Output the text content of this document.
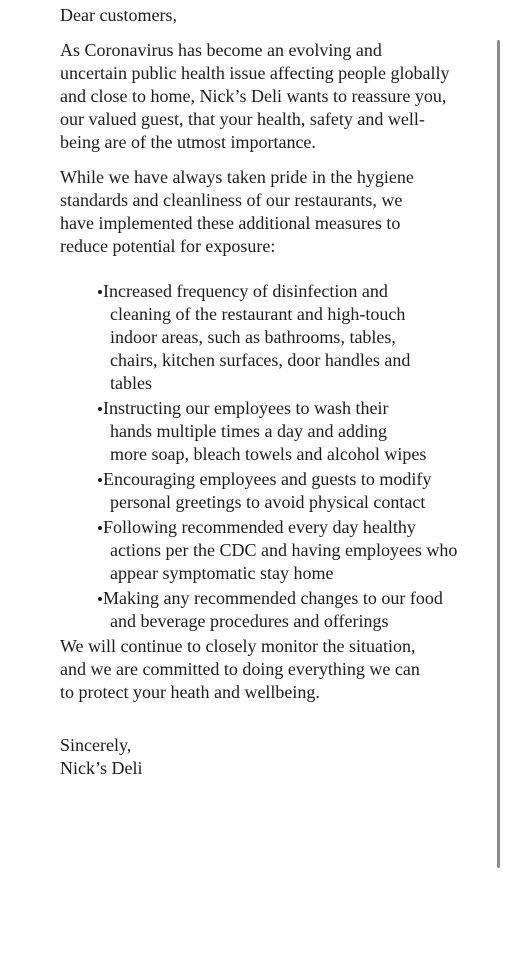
Dear customers,

As Coronavirus has become an evolving and uncertain public health issue affecting people globally and close to home, Nick’s Deli wants to reassure you, our valued guest, that your health, safety and well-being are of the utmost importance.

While we have always taken pride in the hygiene standards and cleanliness of our restaurants, we have implemented these additional measures to reduce potential for exposure:

Increased frequency of disinfection and cleaning of the restaurant and high-touch indoor areas, such as bathrooms, tables, chairs, kitchen surfaces, door handles and tables
Instructing our employees to wash their hands multiple times a day and adding more soap, bleach towels and alcohol wipes
Encouraging employees and guests to modify personal greetings to avoid physical contact
Following recommended every day healthy actions per the CDC and having employees who appear symptomatic stay home
Making any recommended changes to our food and beverage procedures and offerings

We will continue to closely monitor the situation, and we are committed to doing everything we can to protect your heath and wellbeing.

Sincerely,

Nick’s Deli
